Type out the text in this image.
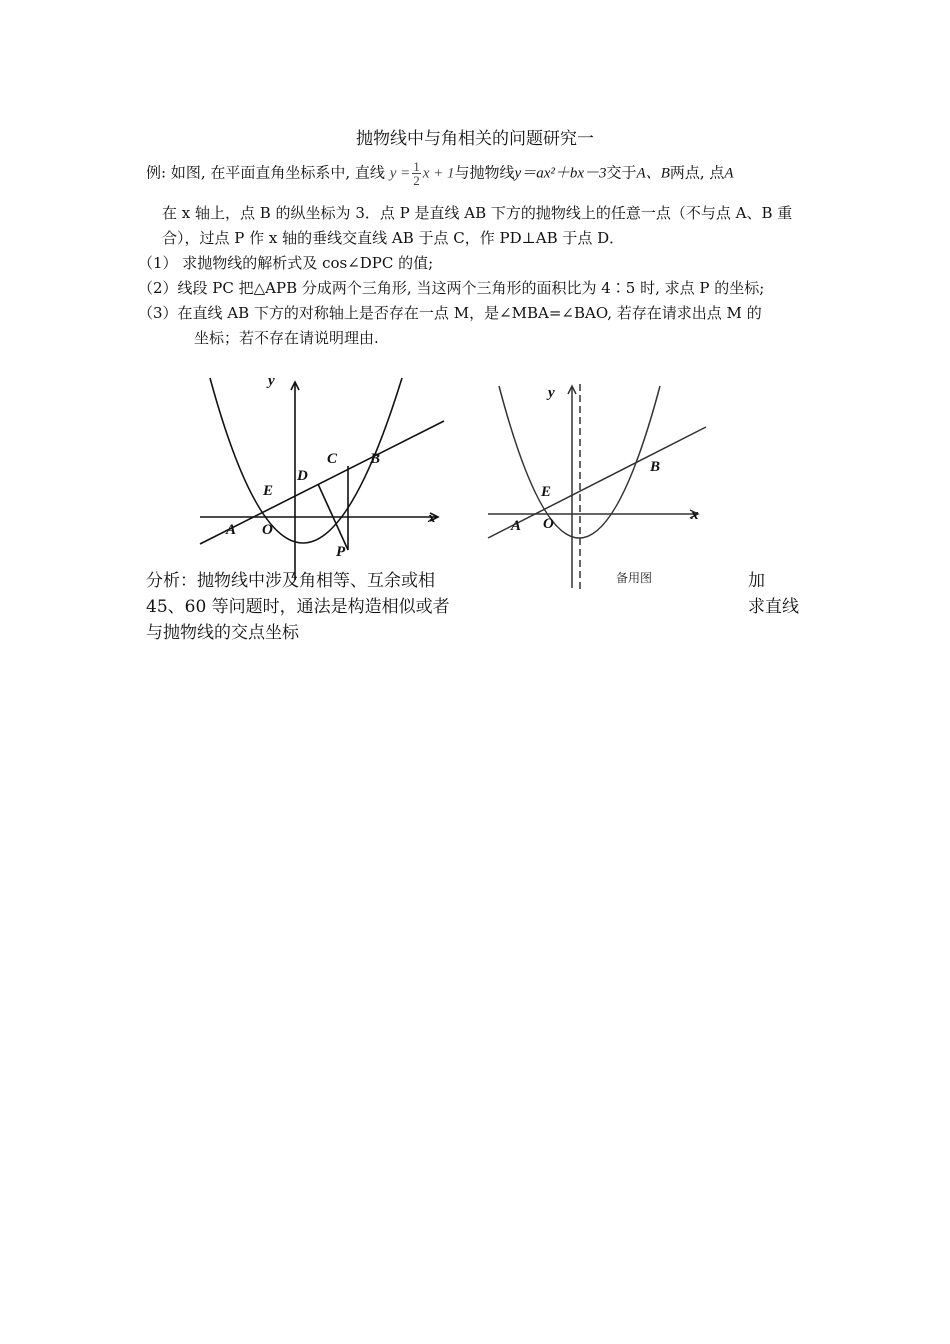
抛物线中与角相关的问题研究一
例: 如图, 在平面直角坐标系中, 直线 $y = \frac{1}{2}$ x + 1与抛物线y＝ax²＋bx－3交于A、B两点, 点A
在 x 轴上，点 B 的纵坐标为 3．点 P 是直线 AB 下方的抛物线上的任意一点（不与点 A、B 重
合），过点 P 作 x 轴的垂线交直线 AB 于点 C，作 PD⊥AB 于点 D．
（1） 求抛物线的解析式及 cos∠DPC 的值;
（2）线段 PC 把△APB 分成两个三角形, 当这两个三角形的面积比为 4∶5 时, 求点 P 的坐标;
（3）在直线 AB 下方的对称轴上是否存在一点 M，是∠MBA=∠BAO, 若存在请求出点 M 的
坐标；若不存在请说明理由.
y
x
A O
E
D
C B
P
y
x
A O
E
B
备用图
分析：抛物线中涉及角相等、互余或相	加
45、60 等问题时，通法是构造相似或者	求直线
与抛物线的交点坐标
